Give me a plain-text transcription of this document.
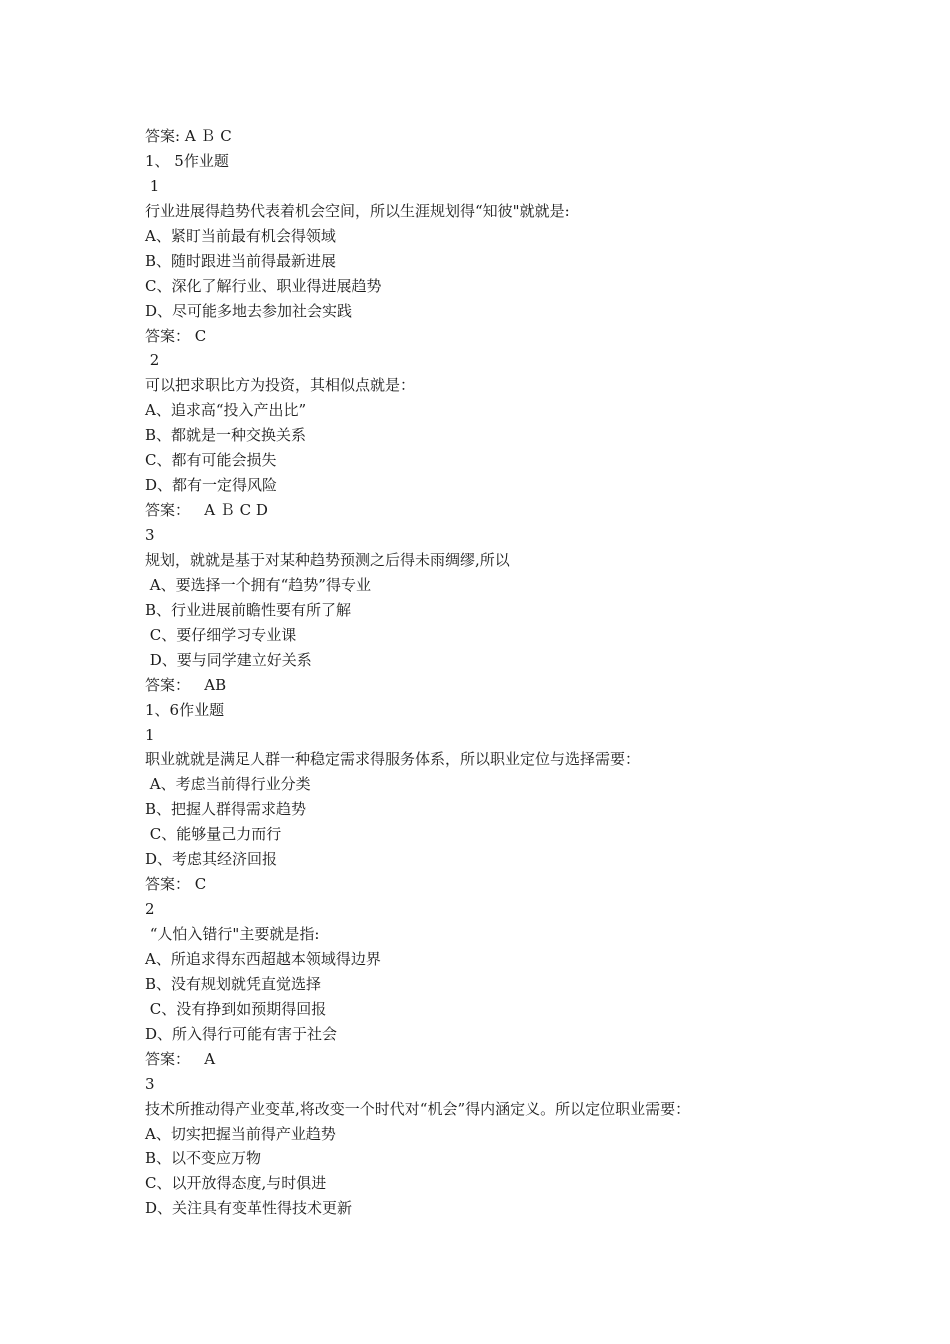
答案: A Ｂ C
1、 5作业题
1
行业进展得趋势代表着机会空间，所以生涯规划得“知彼"就就是:
A、紧盯当前最有机会得领域
B、随时跟进当前得最新进展
C、深化了解行业、职业得进展趋势
D、尽可能多地去参加社会实践
答案： C
2
可以把求职比方为投资，其相似点就是：
A、追求高“投入产出比”
B、都就是一种交换关系
C、都有可能会损失
D、都有一定得风险
答案：   A Ｂ C D
3
规划，就就是基于对某种趋势预测之后得未雨绸缪,所以
A、要选择一个拥有“趋势”得专业
B、行业进展前瞻性要有所了解
C、要仔细学习专业课
D、要与同学建立好关系
答案：   AB
1、6作业题
1
职业就就是满足人群一种稳定需求得服务体系，所以职业定位与选择需要：
A、考虑当前得行业分类
B、把握人群得需求趋势
C、能够量己力而行
D、考虑其经济回报
答案： C
2
“人怕入错行"主要就是指:
A、所追求得东西超越本领域得边界
B、没有规划就凭直觉选择
C、没有挣到如预期得回报
D、所入得行可能有害于社会
答案：   A
3
技术所推动得产业变革,将改变一个时代对“机会”得内涵定义。所以定位职业需要：
A、切实把握当前得产业趋势
B、以不变应万物
C、以开放得态度,与时俱进
D、关注具有变革性得技术更新
